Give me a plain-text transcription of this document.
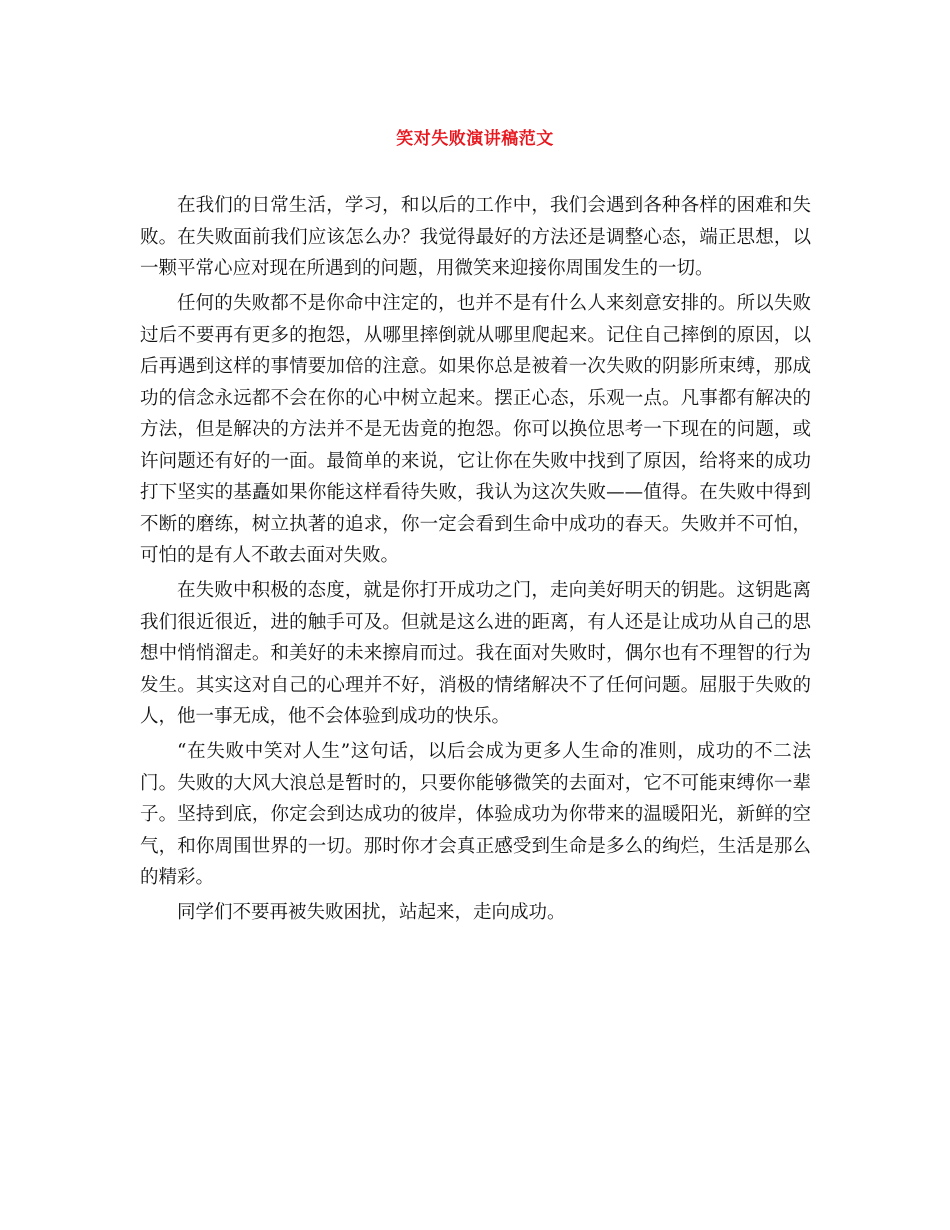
笑对失败演讲稿范文

在我们的日常生活，学习，和以后的工作中，我们会遇到各种各样的困难和失败。在失败面前我们应该怎么办？我觉得最好的方法还是调整心态，端正思想，以一颗平常心应对现在所遇到的问题，用微笑来迎接你周围发生的一切。

任何的失败都不是你命中注定的，也并不是有什么人来刻意安排的。所以失败过后不要再有更多的抱怨，从哪里摔倒就从哪里爬起来。记住自己摔倒的原因，以后再遇到这样的事情要加倍的注意。如果你总是被着一次失败的阴影所束缚，那成功的信念永远都不会在你的心中树立起来。摆正心态，乐观一点。凡事都有解决的方法，但是解决的方法并不是无齿竟的抱怨。你可以换位思考一下现在的问题，或许问题还有好的一面。最简单的来说，它让你在失败中找到了原因，给将来的成功打下坚实的基矗如果你能这样看待失败，我认为这次失败——值得。在失败中得到不断的磨练，树立执著的追求，你一定会看到生命中成功的春天。失败并不可怕，可怕的是有人不敢去面对失败。

在失败中积极的态度，就是你打开成功之门，走向美好明天的钥匙。这钥匙离我们很近很近，进的触手可及。但就是这么进的距离，有人还是让成功从自己的思想中悄悄溜走。和美好的未来擦肩而过。我在面对失败时，偶尔也有不理智的行为发生。其实这对自己的心理并不好，消极的情绪解决不了任何问题。屈服于失败的人，他一事无成，他不会体验到成功的快乐。

“在失败中笑对人生”这句话，以后会成为更多人生命的准则，成功的不二法门。失败的大风大浪总是暂时的，只要你能够微笑的去面对，它不可能束缚你一辈子。坚持到底，你定会到达成功的彼岸，体验成功为你带来的温暖阳光，新鲜的空气，和你周围世界的一切。那时你才会真正感受到生命是多么的绚烂，生活是那么的精彩。

同学们不要再被失败困扰，站起来，走向成功。
